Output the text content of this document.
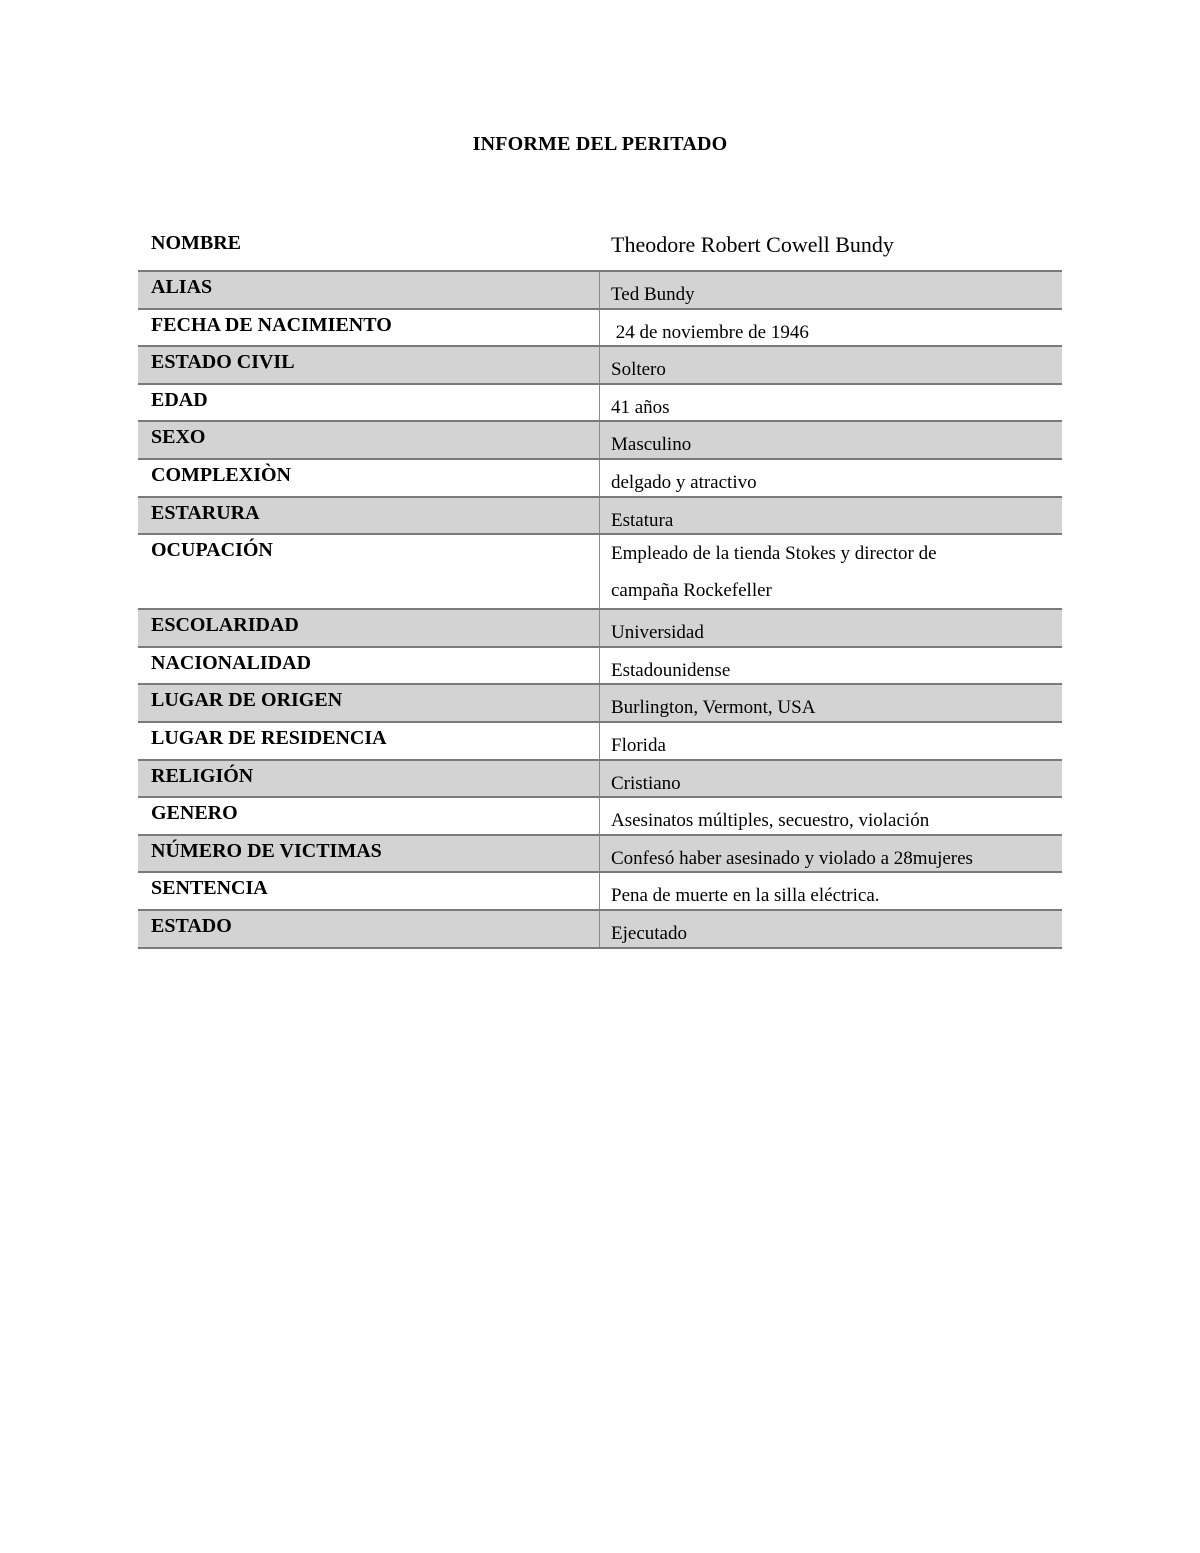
INFORME DEL PERITADO
NOMBRE	Theodore Robert Cowell Bundy
ALIAS	Ted Bundy
FECHA DE NACIMIENTO	24 de noviembre de 1946
ESTADO CIVIL	Soltero
EDAD	41 años
SEXO	Masculino
COMPLEXIÒN	delgado y atractivo
ESTARURA	Estatura
OCUPACIÓN	Empleado de la tienda Stokes y director de
campaña Rockefeller
ESCOLARIDAD	Universidad
NACIONALIDAD	Estadounidense
LUGAR DE ORIGEN	Burlington, Vermont, USA
LUGAR DE RESIDENCIA	Florida
RELIGIÓN	Cristiano
GENERO	Asesinatos múltiples, secuestro, violación
NÚMERO DE VICTIMAS	Confesó haber asesinado y violado a 28mujeres
SENTENCIA	Pena de muerte en la silla eléctrica.
ESTADO	Ejecutado
